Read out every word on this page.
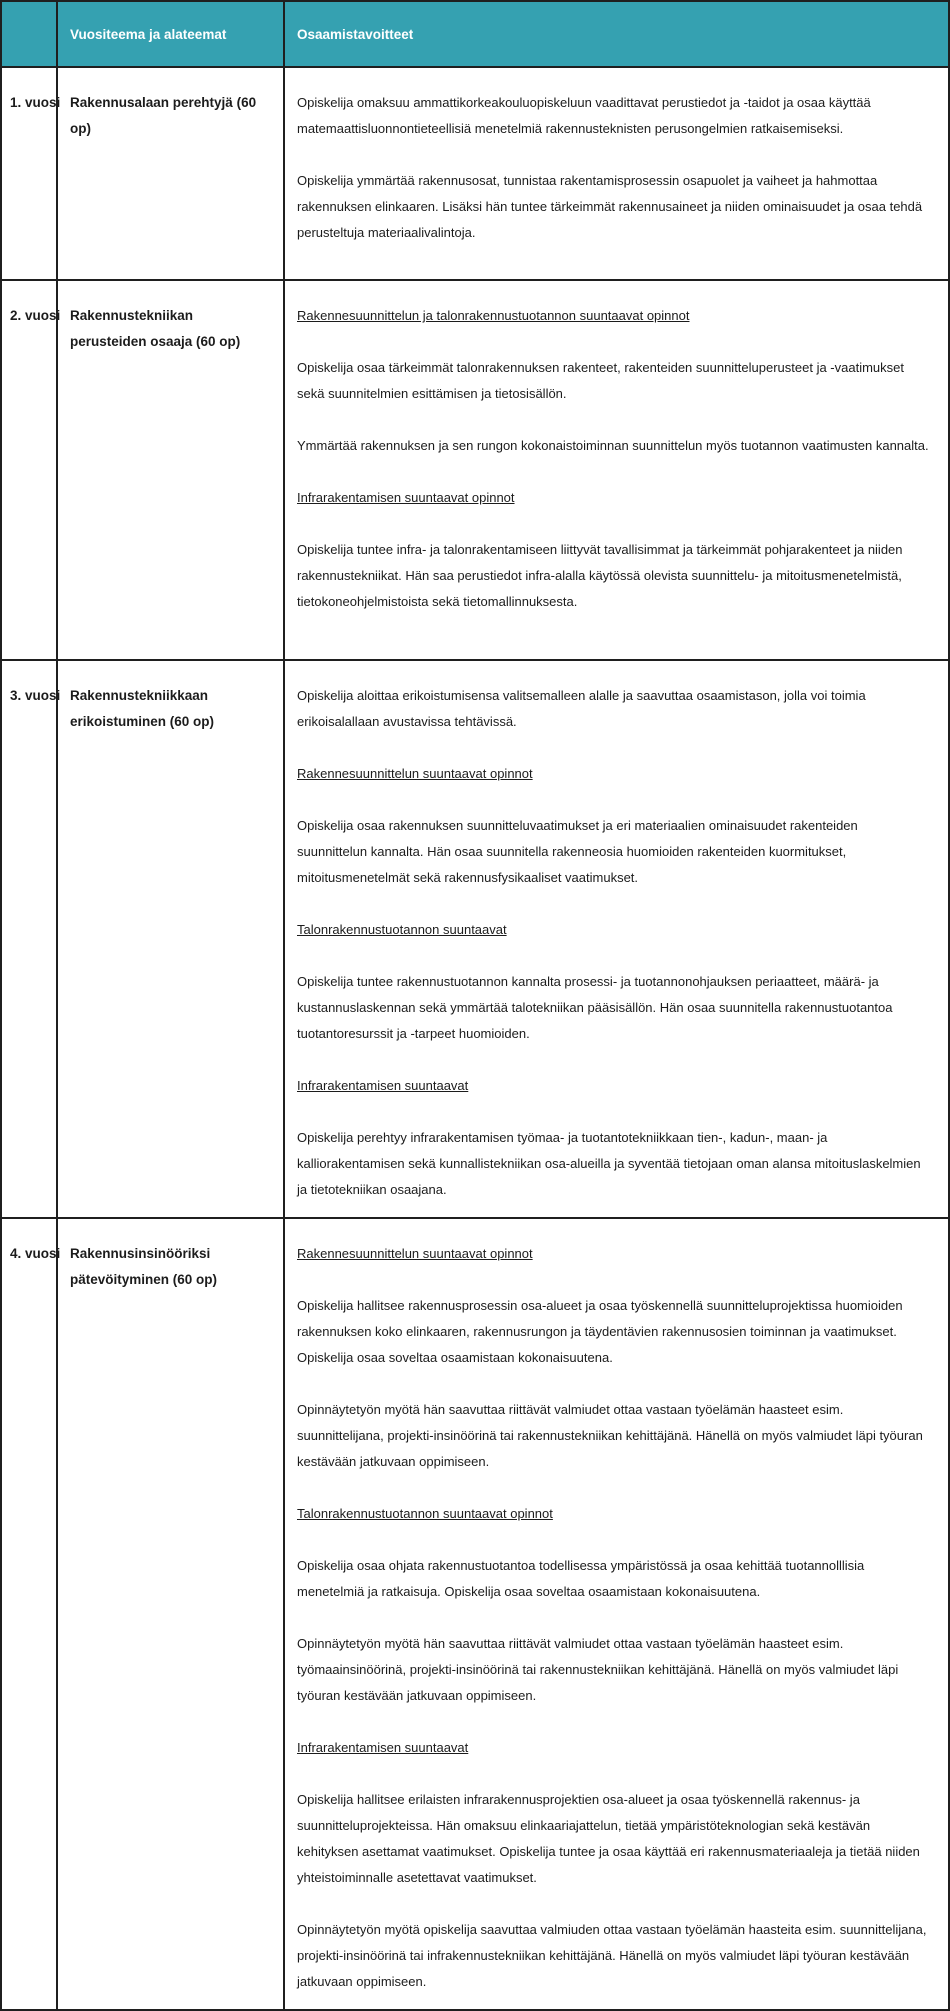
	Vuositeema ja alateemat	Osaamistavoitteet
1. vuosi	Rakennusalaan perehtyjä (60 op)	Opiskelija omaksuu ammattikorkeakouluopiskeluun vaadittavat perustiedot ja -taidot ja osaa käyttää matemaattisluonnontieteellisiä menetelmiä rakennusteknisten perusongelmien ratkaisemiseksi.

Opiskelija ymmärtää rakennusosat, tunnistaa rakentamisprosessin osapuolet ja vaiheet ja hahmottaa rakennuksen elinkaaren. Lisäksi hän tuntee tärkeimmät rakennusaineet ja niiden ominaisuudet ja osaa tehdä perusteltuja materiaalivalintoja.

2. vuosi	Rakennustekniikan perusteiden osaaja (60 op)	Rakennesuunnittelun ja talonrakennustuotannon suuntaavat opinnot

Opiskelija osaa tärkeimmät talonrakennuksen rakenteet, rakenteiden suunnitteluperusteet ja -vaatimukset sekä suunnitelmien esittämisen ja tietosisällön.

Ymmärtää rakennuksen ja sen rungon kokonaistoiminnan suunnittelun myös tuotannon vaatimusten kannalta.

Infrarakentamisen suuntaavat opinnot

Opiskelija tuntee infra- ja talonrakentamiseen liittyvät tavallisimmat ja tärkeimmät pohjarakenteet ja niiden rakennustekniikat. Hän saa perustiedot infra-alalla käytössä olevista suunnittelu- ja mitoitusmenetelmistä, tietokoneohjelmistoista sekä tietomallinnuksesta.

3. vuosi	Rakennustekniikkaan erikoistuminen (60 op)	

Opiskelija aloittaa erikoistumisensa valitsemalleen alalle ja saavuttaa osaamistason, jolla voi toimia erikoisalallaan avustavissa tehtävissä.

Rakennesuunnittelun suuntaavat opinnot

Opiskelija osaa rakennuksen suunnitteluvaatimukset ja eri materiaalien ominaisuudet rakenteiden suunnittelun kannalta. Hän osaa suunnitella rakenneosia huomioiden rakenteiden kuormitukset, mitoitusmenetelmät sekä rakennusfysikaaliset vaatimukset.

Talonrakennustuotannon suuntaavat

Opiskelija tuntee rakennustuotannon kannalta prosessi- ja tuotannonohjauksen periaatteet, määrä- ja kustannuslaskennan sekä ymmärtää talotekniikan pääsisällön. Hän osaa suunnitella rakennustuotantoa tuotantoresurssit ja -tarpeet huomioiden.

Infrarakentamisen suuntaavat

Opiskelija perehtyy infrarakentamisen työmaa- ja tuotantotekniikkaan tien-, kadun-, maan- ja kalliorakentamisen sekä kunnallistekniikan osa-alueilla ja syventää tietojaan oman alansa mitoituslaskelmien ja tietotekniikan osaajana.

4. vuosi	Rakennusinsinööriksi pätevöityminen (60 op)	

Rakennesuunnittelun suuntaavat opinnot

Opiskelija hallitsee rakennusprosessin osa-alueet ja osaa työskennellä suunnitteluprojektissa huomioiden rakennuksen koko elinkaaren, rakennusrungon ja täydentävien rakennusosien toiminnan ja vaatimukset. Opiskelija osaa soveltaa osaamistaan kokonaisuutena.

Opinnäytetyön myötä hän saavuttaa riittävät valmiudet ottaa vastaan työelämän haasteet esim. suunnittelijana, projekti-insinöörinä tai rakennustekniikan kehittäjänä. Hänellä on myös valmiudet läpi työuran kestävään jatkuvaan oppimiseen.

Talonrakennustuotannon suuntaavat opinnot

Opiskelija osaa ohjata rakennustuotantoa todellisessa ympäristössä ja osaa kehittää tuotannolllisia menetelmiä ja ratkaisuja. Opiskelija osaa soveltaa osaamistaan kokonaisuutena.

Opinnäytetyön myötä hän saavuttaa riittävät valmiudet ottaa vastaan työelämän haasteet esim. työmaainsinöörinä, projekti-insinöörinä tai rakennustekniikan kehittäjänä. Hänellä on myös valmiudet läpi työuran kestävään jatkuvaan oppimiseen.

Infrarakentamisen suuntaavat

Opiskelija hallitsee erilaisten infrarakennusprojektien osa-alueet ja osaa työskennellä rakennus- ja suunnitteluprojekteissa. Hän omaksuu elinkaariajattelun, tietää ympäristöteknologian sekä kestävän kehityksen asettamat vaatimukset. Opiskelija tuntee ja osaa käyttää eri rakennusmateriaaleja ja tietää niiden yhteistoiminnalle asetettavat vaatimukset.

Opinnäytetyön myötä opiskelija saavuttaa valmiuden ottaa vastaan työelämän haasteita esim. suunnittelijana, projekti-insinöörinä tai infrakennustekniikan kehittäjänä. Hänellä on myös valmiudet läpi työuran kestävään jatkuvaan oppimiseen.
